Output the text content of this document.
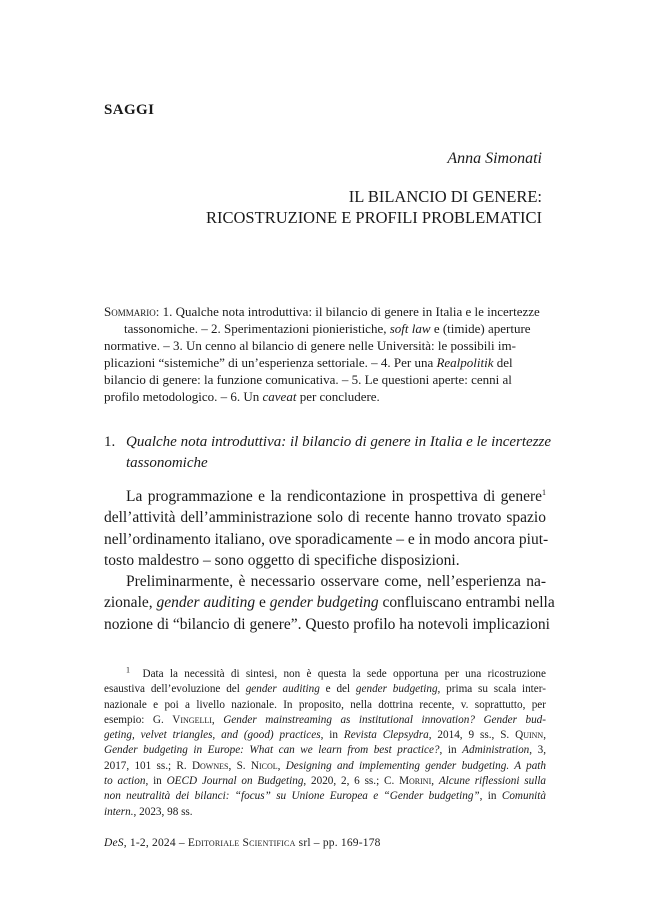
SAGGI
Anna Simonati
IL BILANCIO DI GENERE:
RICOSTRUZIONE E PROFILI PROBLEMATICI
Sommario: 1. Qualche nota introduttiva: il bilancio di genere in Italia e le incertezze
tassonomiche. – 2. Sperimentazioni pionieristiche, soft law e (timide) aperture
normative. – 3. Un cenno al bilancio di genere nelle Università: le possibili im-
plicazioni “sistemiche” di un’esperienza settoriale. – 4. Per una Realpolitik del
bilancio di genere: la funzione comunicativa. – 5. Le questioni aperte: cenni al
profilo metodologico. – 6. Un caveat per concludere.
1. Qualche nota introduttiva: il bilancio di genere in Italia e le incertezze
tassonomiche
La programmazione e la rendicontazione in prospettiva di genere$^1$
dell’attività dell’amministrazione solo di recente hanno trovato spazio
nell’ordinamento italiano, ove sporadicamente – e in modo ancora piut-
tosto maldestro – sono oggetto di specifiche disposizioni.
Preliminarmente, è necessario osservare come, nell’esperienza na-
zionale, gender auditing e gender budgeting confluiscano entrambi nella
nozione di “bilancio di genere”. Questo profilo ha notevoli implicazioni
$^1$ Data la necessità di sintesi, non è questa la sede opportuna per una ricostruzione
esaustiva dell’evoluzione del gender auditing e del gender budgeting, prima su scala inter-
nazionale e poi a livello nazionale. In proposito, nella dottrina recente, v. soprattutto, per
esempio: G. Vingelli, Gender mainstreaming as institutional innovation? Gender bud-
geting, velvet triangles, and (good) practices, in Revista Clepsydra, 2014, 9 ss., S. Quinn,
Gender budgeting in Europe: What can we learn from best practice?, in Administration, 3,
2017, 101 ss.; R. Downes, S. Nicol, Designing and implementing gender budgeting. A path
to action, in OECD Journal on Budgeting, 2020, 2, 6 ss.; C. Morini, Alcune riflessioni sulla
non neutralità dei bilanci: “focus” su Unione Europea e “Gender budgeting”, in Comunità
intern., 2023, 98 ss.
DeS, 1-2, 2024 – Editoriale Scientifica srl – pp. 169-178
